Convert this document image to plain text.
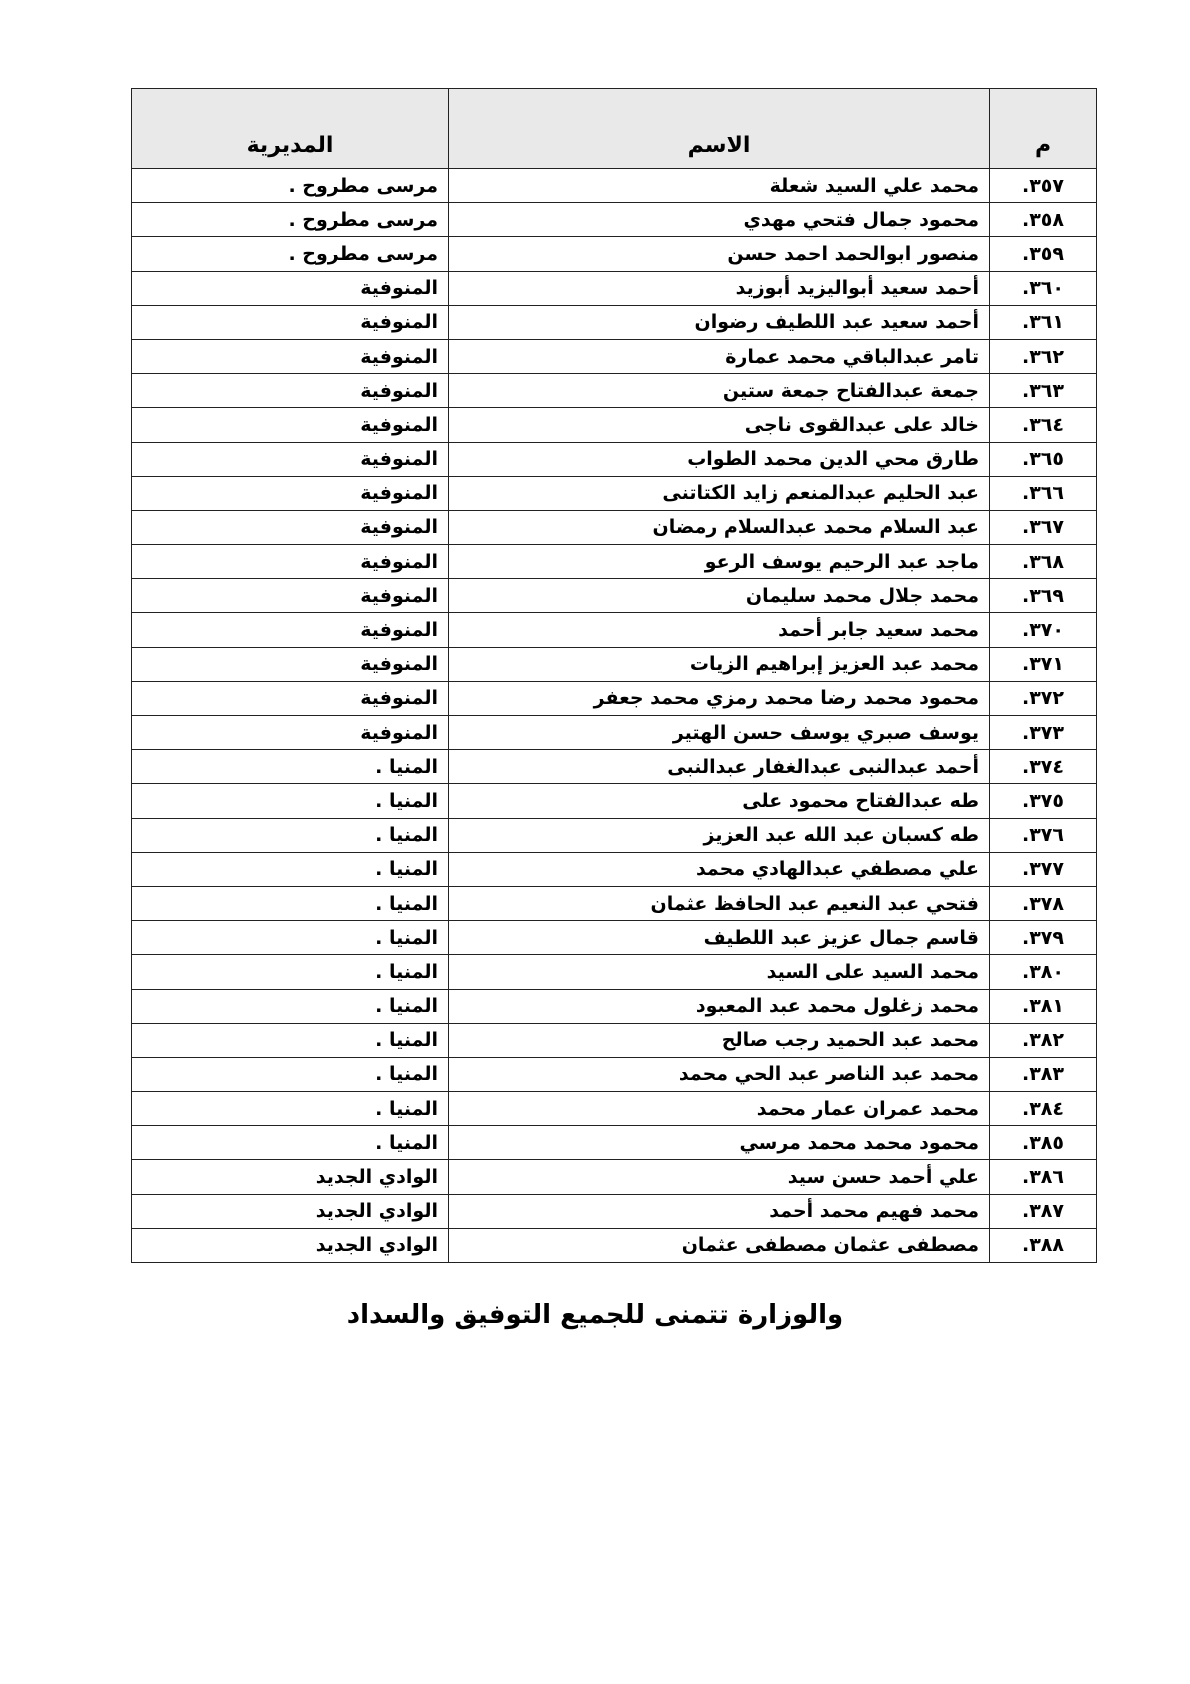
م	الاسم	المديرية
٣٥٧.	محمد علي السيد شعلة	مرسى مطروح .
٣٥٨.	محمود جمال فتحي مهدي	مرسى مطروح .
٣٥٩.	منصور ابوالحمد احمد حسن	مرسى مطروح .
٣٦٠.	أحمد سعيد أبواليزيد أبوزيد	المنوفية
٣٦١.	أحمد سعيد عبد اللطيف رضوان	المنوفية
٣٦٢.	تامر عبدالباقي محمد عمارة	المنوفية
٣٦٣.	جمعة عبدالفتاح جمعة ستين	المنوفية
٣٦٤.	خالد على عبدالقوى ناجى	المنوفية
٣٦٥.	طارق محي الدين محمد الطواب	المنوفية
٣٦٦.	عبد الحليم عبدالمنعم زايد الكتاتنى	المنوفية
٣٦٧.	عبد السلام محمد عبدالسلام رمضان	المنوفية
٣٦٨.	ماجد عبد الرحيم يوسف الرعو	المنوفية
٣٦٩.	محمد جلال محمد سليمان	المنوفية
٣٧٠.	محمد سعيد جابر أحمد	المنوفية
٣٧١.	محمد عبد العزيز إبراهيم الزيات	المنوفية
٣٧٢.	محمود محمد رضا محمد رمزي محمد جعفر	المنوفية
٣٧٣.	يوسف صبري يوسف حسن الهتير	المنوفية
٣٧٤.	أحمد عبدالنبى عبدالغفار عبدالنبى	المنيا .
٣٧٥.	طه عبدالفتاح محمود على	المنيا .
٣٧٦.	طه كسبان عبد الله عبد العزيز	المنيا .
٣٧٧.	علي مصطفي عبدالهادي محمد	المنيا .
٣٧٨.	فتحي عبد النعيم عبد الحافظ عثمان	المنيا .
٣٧٩.	قاسم جمال عزيز عبد اللطيف	المنيا .
٣٨٠.	محمد السيد على السيد	المنيا .
٣٨١.	محمد زغلول محمد عبد المعبود	المنيا .
٣٨٢.	محمد عبد الحميد رجب صالح	المنيا .
٣٨٣.	محمد عبد الناصر عبد الحي محمد	المنيا .
٣٨٤.	محمد عمران عمار محمد	المنيا .
٣٨٥.	محمود محمد محمد مرسي	المنيا .
٣٨٦.	علي أحمد حسن سيد	الوادي الجديد
٣٨٧.	محمد فهيم محمد أحمد	الوادي الجديد
٣٨٨.	مصطفى عثمان مصطفى عثمان	الوادي الجديد
والوزارة تتمنى للجميع التوفيق والسداد
